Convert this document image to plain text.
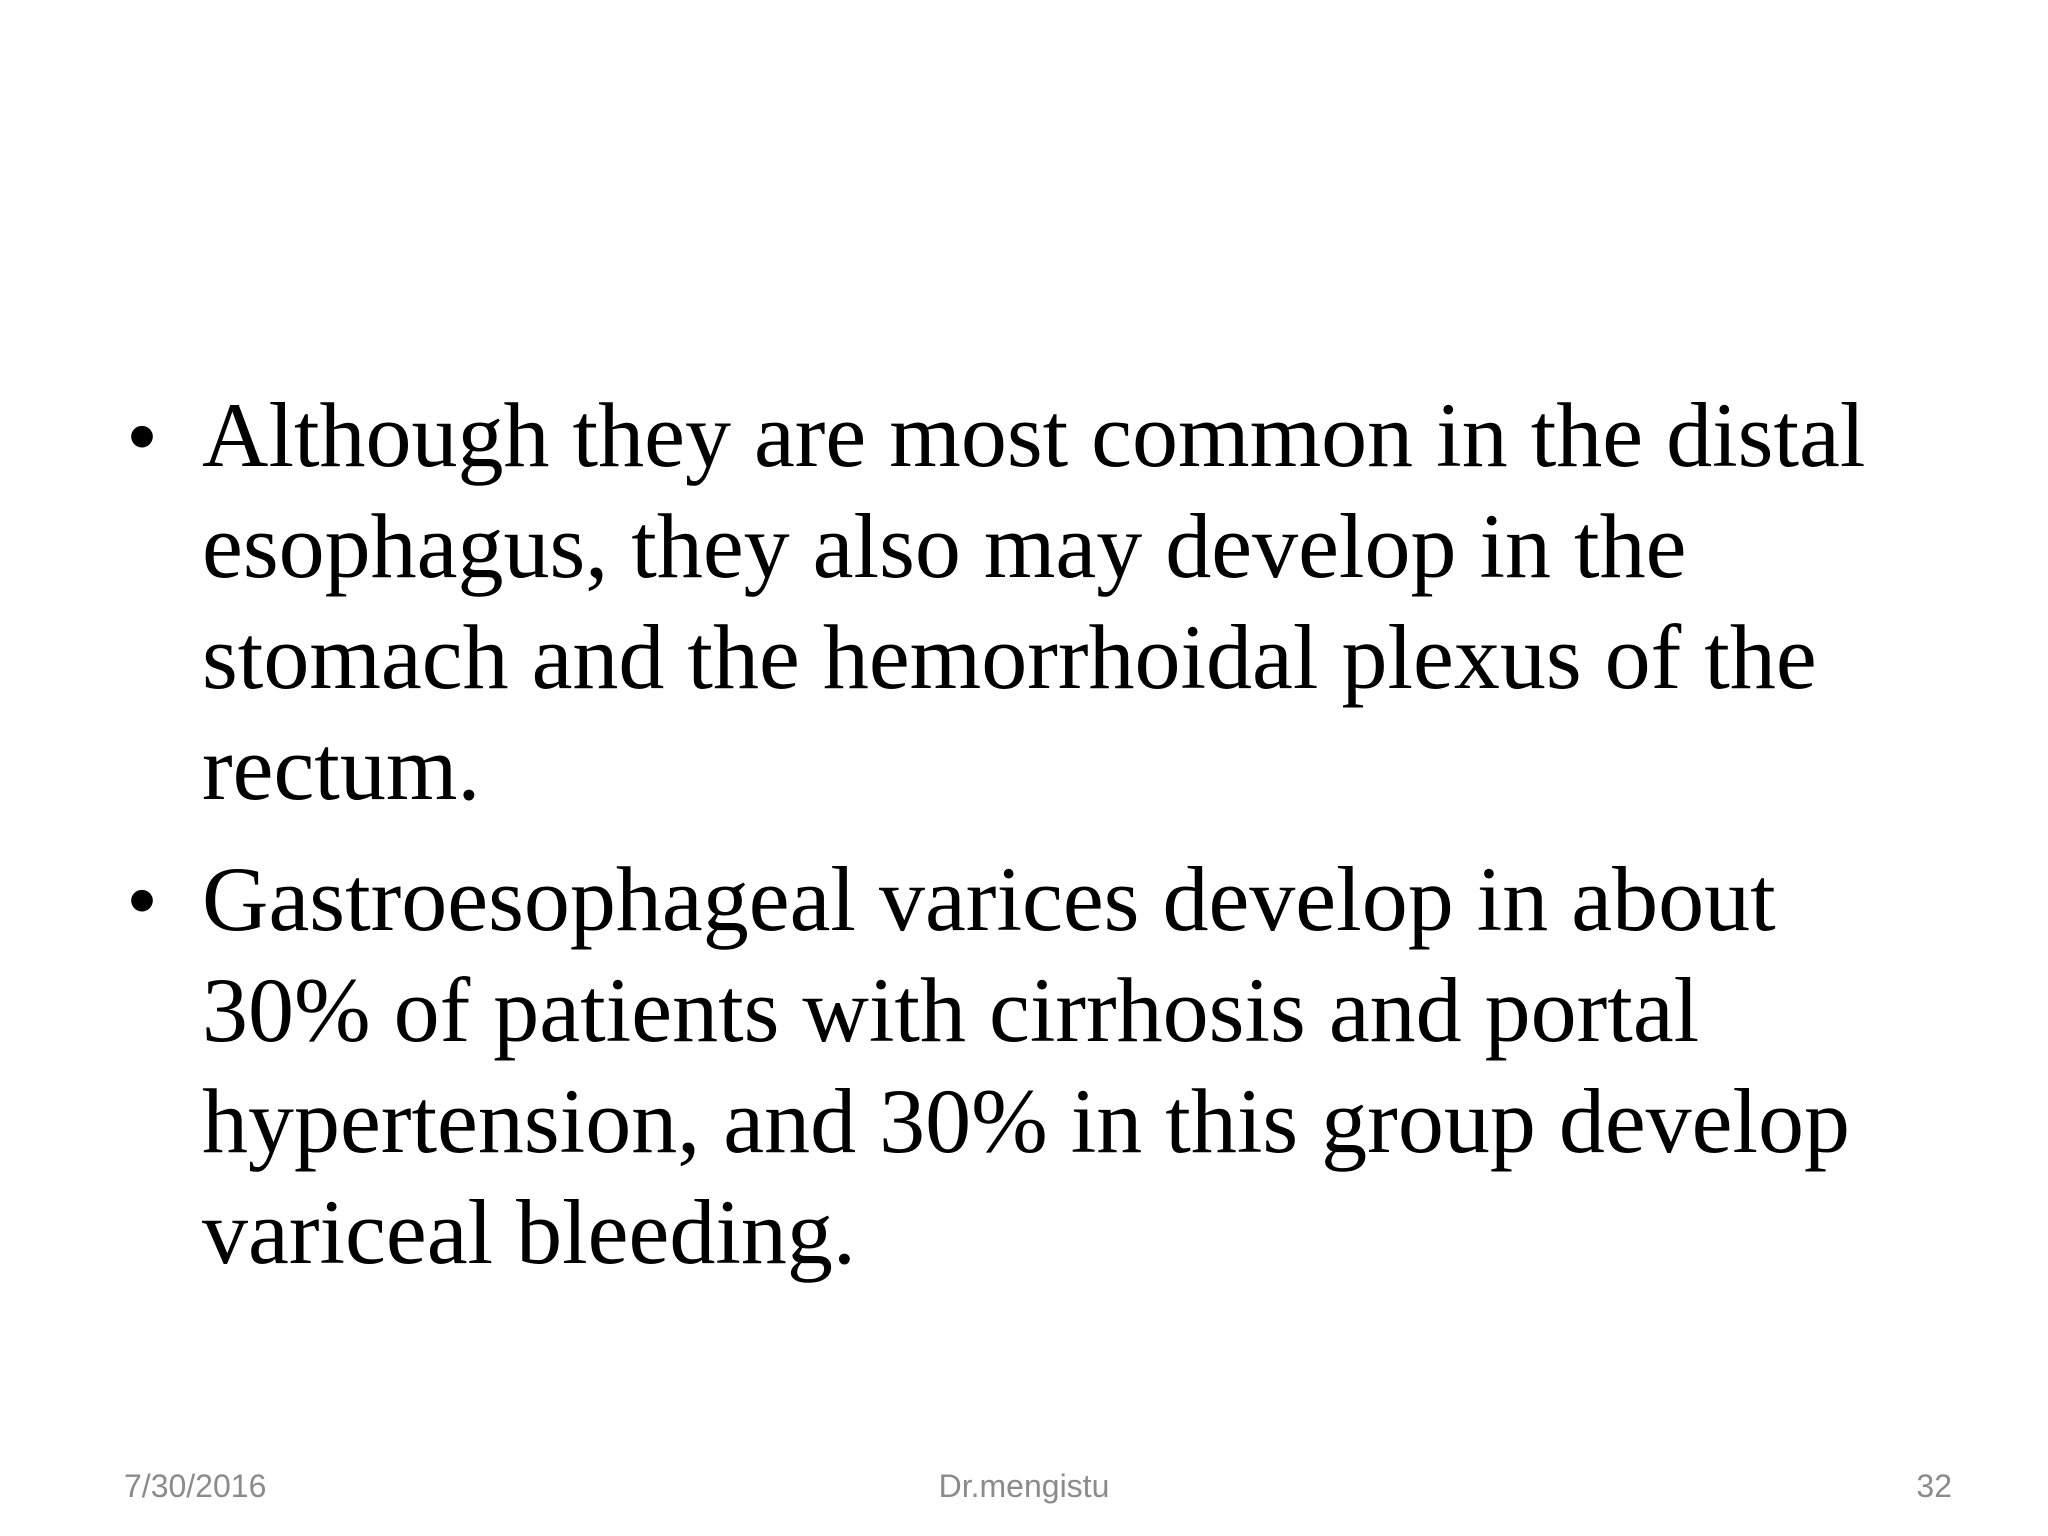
• Although they are most common in the distal esophagus, they also may develop in the stomach and the hemorrhoidal plexus of the rectum.
• Gastroesophageal varices develop in about 30% of patients with cirrhosis and portal hypertension, and 30% in this group develop variceal bleeding.
7/30/2016	Dr.mengistu	32
